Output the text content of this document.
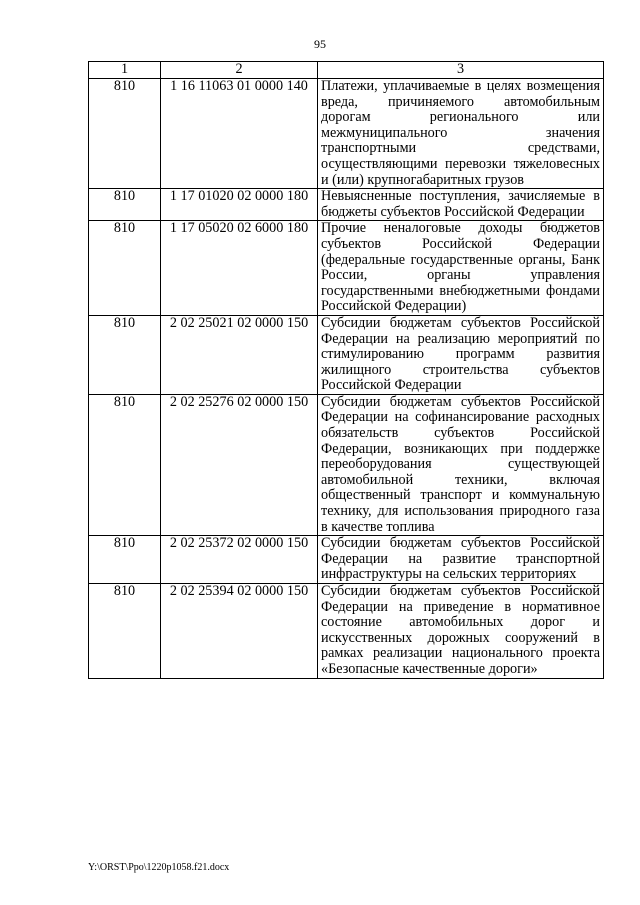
95
1	2	3
810	1 16 11063 01 0000 140	Платежи, уплачиваемые в целях возмещения вреда, причиняемого автомобильным дорогам регионального или межмуниципального значения транспортными средствами, осуществляющими перевозки тяжеловесных и (или) крупногабаритных грузов
810	1 17 01020 02 0000 180	Невыясненные поступления, зачисляемые в бюджеты субъектов Российской Федерации
810	1 17 05020 02 6000 180	Прочие неналоговые доходы бюджетов субъектов Российской Федерации (федеральные государственные органы, Банк России, органы управления государственными внебюджетными фондами Российской Федерации)
810	2 02 25021 02 0000 150	Субсидии бюджетам субъектов Российской Федерации на реализацию мероприятий по стимулированию программ развития жилищного строительства субъектов Российской Федерации
810	2 02 25276 02 0000 150	Субсидии бюджетам субъектов Российской Федерации на софинансирование расходных обязательств субъектов Российской Федерации, возникающих при поддержке переоборудования существующей автомобильной техники, включая общественный транспорт и коммунальную технику, для использования природного газа в качестве топлива
810	2 02 25372 02 0000 150	Субсидии бюджетам субъектов Российской Федерации на развитие транспортной инфраструктуры на сельских территориях
810	2 02 25394 02 0000 150	Субсидии бюджетам субъектов Российской Федерации на приведение в нормативное состояние автомобильных дорог и искусственных дорожных сооружений в рамках реализации национального проекта «Безопасные качественные дороги»
Y:\ORST\Ppo\1220p1058.f21.docx
